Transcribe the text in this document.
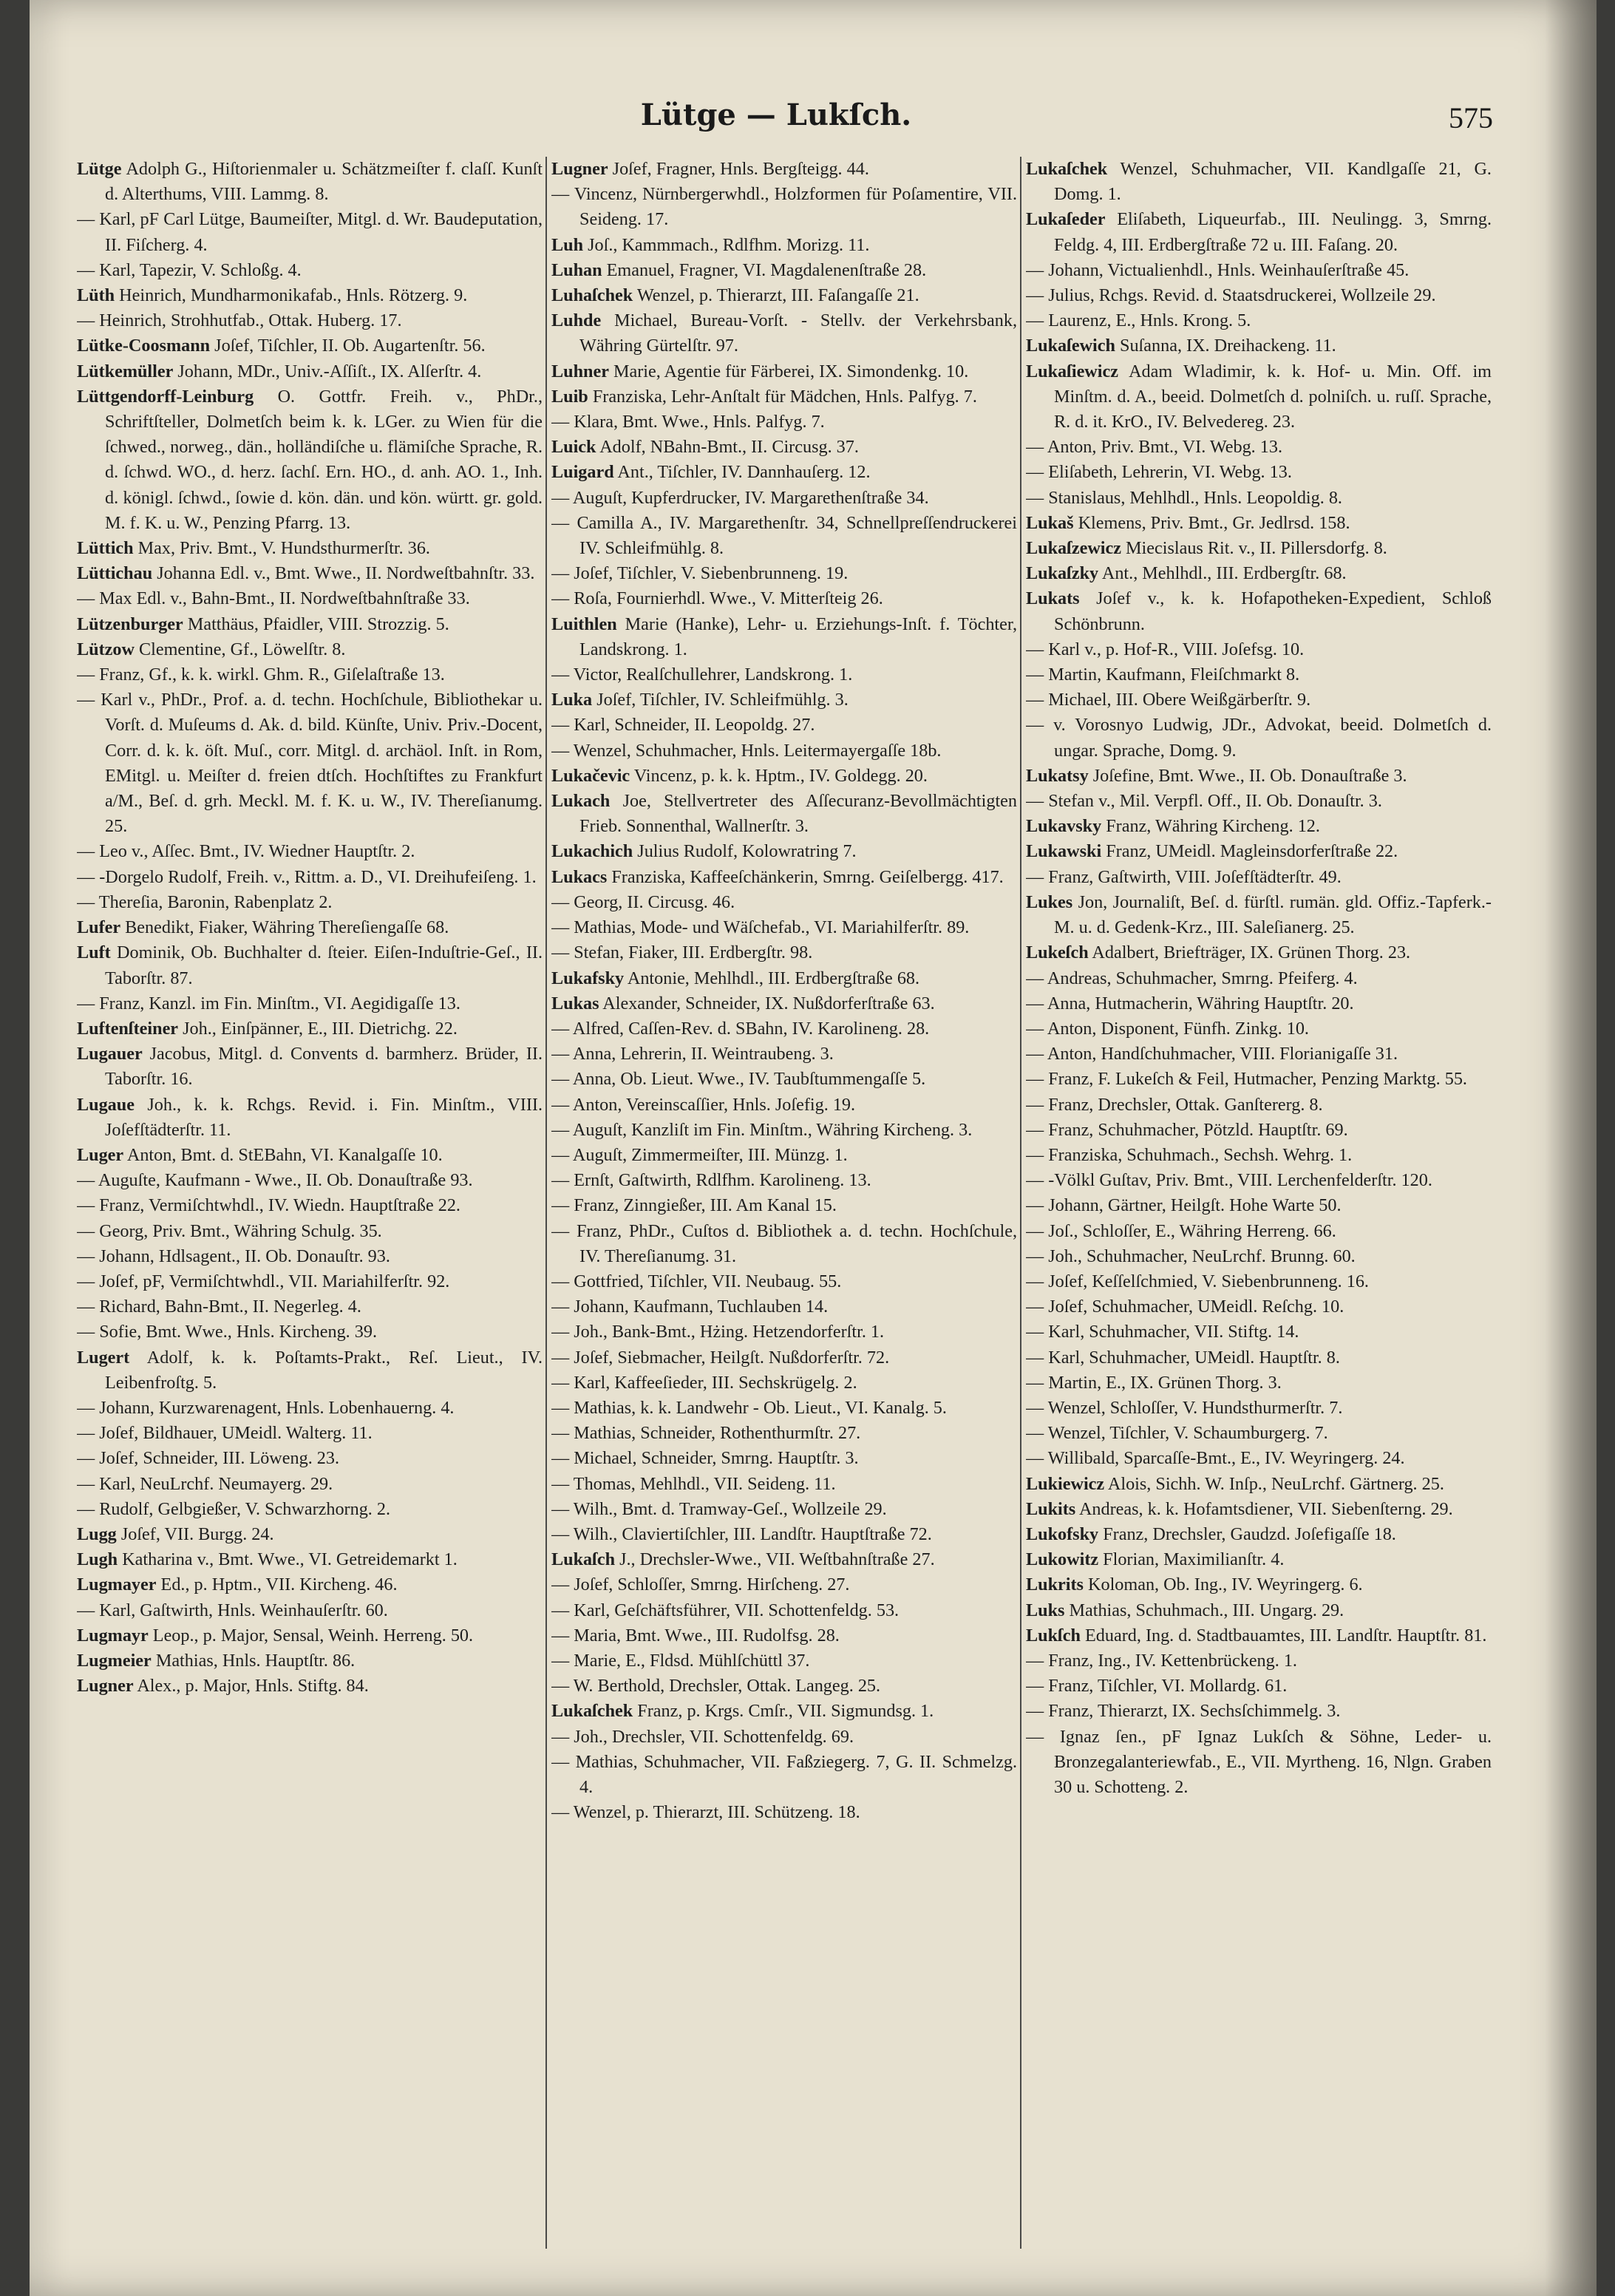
Lütge — Lukſch.	575

Lütge Adolph G., Hiſtorienmaler u. Schätzmeiſter f. claſſ. Kunſt d. Alterthums, VIII. Lammg. 8.

— Karl, pF Carl Lütge, Baumeiſter, Mitgl. d. Wr. Baudeputation, II. Fiſcherg. 4.

— Karl, Tapezir, V. Schloßg. 4.

Lüth Heinrich, Mundharmonikafab., Hnls. Rötzerg. 9.

— Heinrich, Strohhutfab., Ottak. Huberg. 17.

Lütke-Coosmann Joſef, Tiſchler, II. Ob. Augartenſtr. 56.

Lütkemüller Johann, MDr., Univ.-Aſſiſt., IX. Alſerſtr. 4.

Lüttgendorff-Leinburg O. Gottfr. Freih. v., PhDr., Schriftſteller, Dolmetſch beim k. k. LGer. zu Wien für die ſchwed., norweg., dän., holländiſche u. flämiſche Sprache, R. d. ſchwd. WO., d. herz. ſachſ. Ern. HO., d. anh. AO. 1., Inh. d. königl. ſchwd., ſowie d. kön. dän. und kön. württ. gr. gold. M. f. K. u. W., Penzing Pfarrg. 13.

Lüttich Max, Priv. Bmt., V. Hundsthurmerſtr. 36.

Lüttichau Johanna Edl. v., Bmt. Wwe., II. Nordweſtbahnſtr. 33.

— Max Edl. v., Bahn-Bmt., II. Nordweſtbahnſtraße 33.

Lützenburger Matthäus, Pfaidler, VIII. Strozzig. 5.

Lützow Clementine, Gf., Löwelſtr. 8.

— Franz, Gf., k. k. wirkl. Ghm. R., Giſelaſtraße 13.

— Karl v., PhDr., Prof. a. d. techn. Hochſchule, Bibliothekar u. Vorſt. d. Muſeums d. Ak. d. bild. Künſte, Univ. Priv.-Docent, Corr. d. k. k. öſt. Muſ., corr. Mitgl. d. archäol. Inſt. in Rom, EMitgl. u. Meiſter d. freien dtſch. Hochſtiftes zu Frankfurt a/M., Beſ. d. grh. Meckl. M. f. K. u. W., IV. Thereſianumg. 25.

— Leo v., Aſſec. Bmt., IV. Wiedner Hauptſtr. 2.

— -Dorgelo Rudolf, Freih. v., Rittm. a. D., VI. Dreihufeiſeng. 1.

— Thereſia, Baronin, Rabenplatz 2.

Lufer Benedikt, Fiaker, Währing Thereſiengaſſe 68.

Luft Dominik, Ob. Buchhalter d. ſteier. Eiſen-Induſtrie-Geſ., II. Taborſtr. 87.

— Franz, Kanzl. im Fin. Minſtm., VI. Aegidigaſſe 13.

Luftenſteiner Joh., Einſpänner, E., III. Dietrichg. 22.

Lugauer Jacobus, Mitgl. d. Convents d. barmherz. Brüder, II. Taborſtr. 16.

Lugaue Joh., k. k. Rchgs. Revid. i. Fin. Minſtm., VIII. Joſefſtädterſtr. 11.

Luger Anton, Bmt. d. StEBahn, VI. Kanalgaſſe 10.

— Auguſte, Kaufmann - Wwe., II. Ob. Donauſtraße 93.

— Franz, Vermiſchtwhdl., IV. Wiedn. Hauptſtraße 22.

— Georg, Priv. Bmt., Währing Schulg. 35.

— Johann, Hdlsagent., II. Ob. Donauſtr. 93.

— Joſef, pF, Vermiſchtwhdl., VII. Mariahilferſtr. 92.

— Richard, Bahn-Bmt., II. Negerleg. 4.

— Sofie, Bmt. Wwe., Hnls. Kircheng. 39.

Lugert Adolf, k. k. Poſtamts-Prakt., Reſ. Lieut., IV. Leibenfroſtg. 5.

— Johann, Kurzwarenagent, Hnls. Lobenhauerng. 4.

— Joſef, Bildhauer, UMeidl. Walterg. 11.

— Joſef, Schneider, III. Löweng. 23.

— Karl, NeuLrchf. Neumayerg. 29.

— Rudolf, Gelbgießer, V. Schwarzhorng. 2.

Lugg Joſef, VII. Burgg. 24.

Lugh Katharina v., Bmt. Wwe., VI. Getreidemarkt 1.

Lugmayer Ed., p. Hptm., VII. Kircheng. 46.

— Karl, Gaſtwirth, Hnls. Weinhauſerſtr. 60.

Lugmayr Leop., p. Major, Sensal, Weinh. Herreng. 50.

Lugmeier Mathias, Hnls. Hauptſtr. 86.

Lugner Alex., p. Major, Hnls. Stiftg. 84.

Lugner Joſef, Fragner, Hnls. Bergſteigg. 44.

— Vincenz, Nürnbergerwhdl., Holzformen für Poſamentire, VII. Seideng. 17.

Luh Joſ., Kammmach., Rdlfhm. Morizg. 11.

Luhan Emanuel, Fragner, VI. Magdalenenſtraße 28.

Luhaſchek Wenzel, p. Thierarzt, III. Faſangaſſe 21.

Luhde Michael, Bureau-Vorſt. - Stellv. der Verkehrsbank, Währing Gürtelſtr. 97.

Luhner Marie, Agentie für Färberei, IX. Simondenkg. 10.

Luib Franziska, Lehr-Anſtalt für Mädchen, Hnls. Palfyg. 7.

— Klara, Bmt. Wwe., Hnls. Palfyg. 7.

Luick Adolf, NBahn-Bmt., II. Circusg. 37.

Luigard Ant., Tiſchler, IV. Dannhauſerg. 12.

— Auguſt, Kupferdrucker, IV. Margarethenſtraße 34.

— Camilla A., IV. Margarethenſtr. 34, Schnellpreſſendruckerei IV. Schleifmühlg. 8.

— Joſef, Tiſchler, V. Siebenbrunneng. 19.

— Roſa, Fournierhdl. Wwe., V. Mitterſteig 26.

Luithlen Marie (Hanke), Lehr- u. Erziehungs-Inſt. f. Töchter, Landskrong. 1.

— Victor, Realſchullehrer, Landskrong. 1.

Luka Joſef, Tiſchler, IV. Schleifmühlg. 3.

— Karl, Schneider, II. Leopoldg. 27.

— Wenzel, Schuhmacher, Hnls. Leitermayergaſſe 18b.

Lukačevic Vincenz, p. k. k. Hptm., IV. Goldegg. 20.

Lukach Joe, Stellvertreter des Aſſecuranz-Bevollmächtigten Frieb. Sonnenthal, Wallnerſtr. 3.

Lukachich Julius Rudolf, Kolowratring 7.

Lukacs Franziska, Kaffeeſchänkerin, Smrng. Geiſelbergg. 417.

— Georg, II. Circusg. 46.

— Mathias, Mode- und Wäſchefab., VI. Mariahilferſtr. 89.

— Stefan, Fiaker, III. Erdbergſtr. 98.

Lukafsky Antonie, Mehlhdl., III. Erdbergſtraße 68.

Lukas Alexander, Schneider, IX. Nußdorferſtraße 63.

— Alfred, Caſſen-Rev. d. SBahn, IV. Karolineng. 28.

— Anna, Lehrerin, II. Weintraubeng. 3.

— Anna, Ob. Lieut. Wwe., IV. Taubſtummengaſſe 5.

— Anton, Vereinscaſſier, Hnls. Joſefig. 19.

— Auguſt, Kanzliſt im Fin. Minſtm., Währing Kircheng. 3.

— Auguſt, Zimmermeiſter, III. Münzg. 1.

— Ernſt, Gaſtwirth, Rdlfhm. Karolineng. 13.

— Franz, Zinngießer, III. Am Kanal 15.

— Franz, PhDr., Cuſtos d. Bibliothek a. d. techn. Hochſchule, IV. Thereſianumg. 31.

— Gottfried, Tiſchler, VII. Neubaug. 55.

— Johann, Kaufmann, Tuchlauben 14.

— Joh., Bank-Bmt., Hżing. Hetzendorferſtr. 1.

— Joſef, Siebmacher, Heilgſt. Nußdorferſtr. 72.

— Karl, Kaffeeſieder, III. Sechskrügelg. 2.

— Mathias, k. k. Landwehr - Ob. Lieut., VI. Kanalg. 5.

— Mathias, Schneider, Rothenthurmſtr. 27.

— Michael, Schneider, Smrng. Hauptſtr. 3.

— Thomas, Mehlhdl., VII. Seideng. 11.

— Wilh., Bmt. d. Tramway-Geſ., Wollzeile 29.

— Wilh., Claviertiſchler, III. Landſtr. Hauptſtraße 72.

Lukaſch J., Drechsler-Wwe., VII. Weſtbahnſtraße 27.

— Joſef, Schloſſer, Smrng. Hirſcheng. 27.

— Karl, Geſchäftsführer, VII. Schottenfeldg. 53.

— Maria, Bmt. Wwe., III. Rudolfsg. 28.

— Marie, E., Fldsd. Mühlſchüttl 37.

— W. Berthold, Drechsler, Ottak. Langeg. 25.

Lukaſchek Franz, p. Krgs. Cmſr., VII. Sigmundsg. 1.

— Joh., Drechsler, VII. Schottenfeldg. 69.

— Mathias, Schuhmacher, VII. Faßziegerg. 7, G. II. Schmelzg. 4.

— Wenzel, p. Thierarzt, III. Schützeng. 18.

Lukaſchek Wenzel, Schuhmacher, VII. Kandlgaſſe 21, G. Domg. 1.

Lukaſeder Eliſabeth, Liqueurfab., III. Neulingg. 3, Smrng. Feldg. 4, III. Erdbergſtraße 72 u. III. Faſang. 20.

— Johann, Victualienhdl., Hnls. Weinhauſerſtraße 45.

— Julius, Rchgs. Revid. d. Staatsdruckerei, Wollzeile 29.

— Laurenz, E., Hnls. Krong. 5.

Lukaſewich Suſanna, IX. Dreihackeng. 11.

Lukaſiewicz Adam Wladimir, k. k. Hof- u. Min. Off. im Minſtm. d. A., beeid. Dolmetſch d. polniſch. u. ruſſ. Sprache, R. d. it. KrO., IV. Belvedereg. 23.

— Anton, Priv. Bmt., VI. Webg. 13.

— Eliſabeth, Lehrerin, VI. Webg. 13.

— Stanislaus, Mehlhdl., Hnls. Leopoldig. 8.

Lukaš Klemens, Priv. Bmt., Gr. Jedlrsd. 158.

Lukaſzewicz Miecislaus Rit. v., II. Pillersdorfg. 8.

Lukaſzky Ant., Mehlhdl., III. Erdbergſtr. 68.

Lukats Joſef v., k. k. Hofapotheken-Expedient, Schloß Schönbrunn.

— Karl v., p. Hof-R., VIII. Joſefsg. 10.

— Martin, Kaufmann, Fleiſchmarkt 8.

— Michael, III. Obere Weißgärberſtr. 9.

— v. Vorosnyo Ludwig, JDr., Advokat, beeid. Dolmetſch d. ungar. Sprache, Domg. 9.

Lukatsy Joſefine, Bmt. Wwe., II. Ob. Donauſtraße 3.

— Stefan v., Mil. Verpfl. Off., II. Ob. Donauſtr. 3.

Lukavsky Franz, Währing Kircheng. 12.

Lukawski Franz, UMeidl. Magleinsdorferſtraße 22.

— Franz, Gaſtwirth, VIII. Joſefſtädterſtr. 49.

Lukes Jon, Journaliſt, Beſ. d. fürſtl. rumän. gld. Offiz.-Tapferk.-M. u. d. Gedenk-Krz., III. Saleſianerg. 25.

Lukeſch Adalbert, Briefträger, IX. Grünen Thorg. 23.

— Andreas, Schuhmacher, Smrng. Pfeiferg. 4.

— Anna, Hutmacherin, Währing Hauptſtr. 20.

— Anton, Disponent, Fünfh. Zinkg. 10.

— Anton, Handſchuhmacher, VIII. Florianigaſſe 31.

— Franz, F. Lukeſch & Feil, Hutmacher, Penzing Marktg. 55.

— Franz, Drechsler, Ottak. Ganſtererg. 8.

— Franz, Schuhmacher, Pötzld. Hauptſtr. 69.

— Franziska, Schuhmach., Sechsh. Wehrg. 1.

— -Völkl Guſtav, Priv. Bmt., VIII. Lerchenfelderſtr. 120.

— Johann, Gärtner, Heilgſt. Hohe Warte 50.

— Joſ., Schloſſer, E., Währing Herreng. 66.

— Joh., Schuhmacher, NeuLrchf. Brunng. 60.

— Joſef, Keſſelſchmied, V. Siebenbrunneng. 16.

— Joſef, Schuhmacher, UMeidl. Reſchg. 10.

— Karl, Schuhmacher, VII. Stiftg. 14.

— Karl, Schuhmacher, UMeidl. Hauptſtr. 8.

— Martin, E., IX. Grünen Thorg. 3.

— Wenzel, Schloſſer, V. Hundsthurmerſtr. 7.

— Wenzel, Tiſchler, V. Schaumburgerg. 7.

— Willibald, Sparcaſſe-Bmt., E., IV. Weyringerg. 24.

Lukiewicz Alois, Sichh. W. Inſp., NeuLrchf. Gärtnerg. 25.

Lukits Andreas, k. k. Hofamtsdiener, VII. Siebenſterng. 29.

Lukofsky Franz, Drechsler, Gaudzd. Joſefigaſſe 18.

Lukowitz Florian, Maximilianſtr. 4.

Lukrits Koloman, Ob. Ing., IV. Weyringerg. 6.

Luks Mathias, Schuhmach., III. Ungarg. 29.

Lukſch Eduard, Ing. d. Stadtbauamtes, III. Landſtr. Hauptſtr. 81.

— Franz, Ing., IV. Kettenbrückeng. 1.

— Franz, Tiſchler, VI. Mollardg. 61.

— Franz, Thierarzt, IX. Sechsſchimmelg. 3.

— Ignaz ſen., pF Ignaz Lukſch & Söhne, Leder- u. Bronzegalanteriewfab., E., VII. Myrtheng. 16, Nlgn. Graben 30 u. Schotteng. 2.
